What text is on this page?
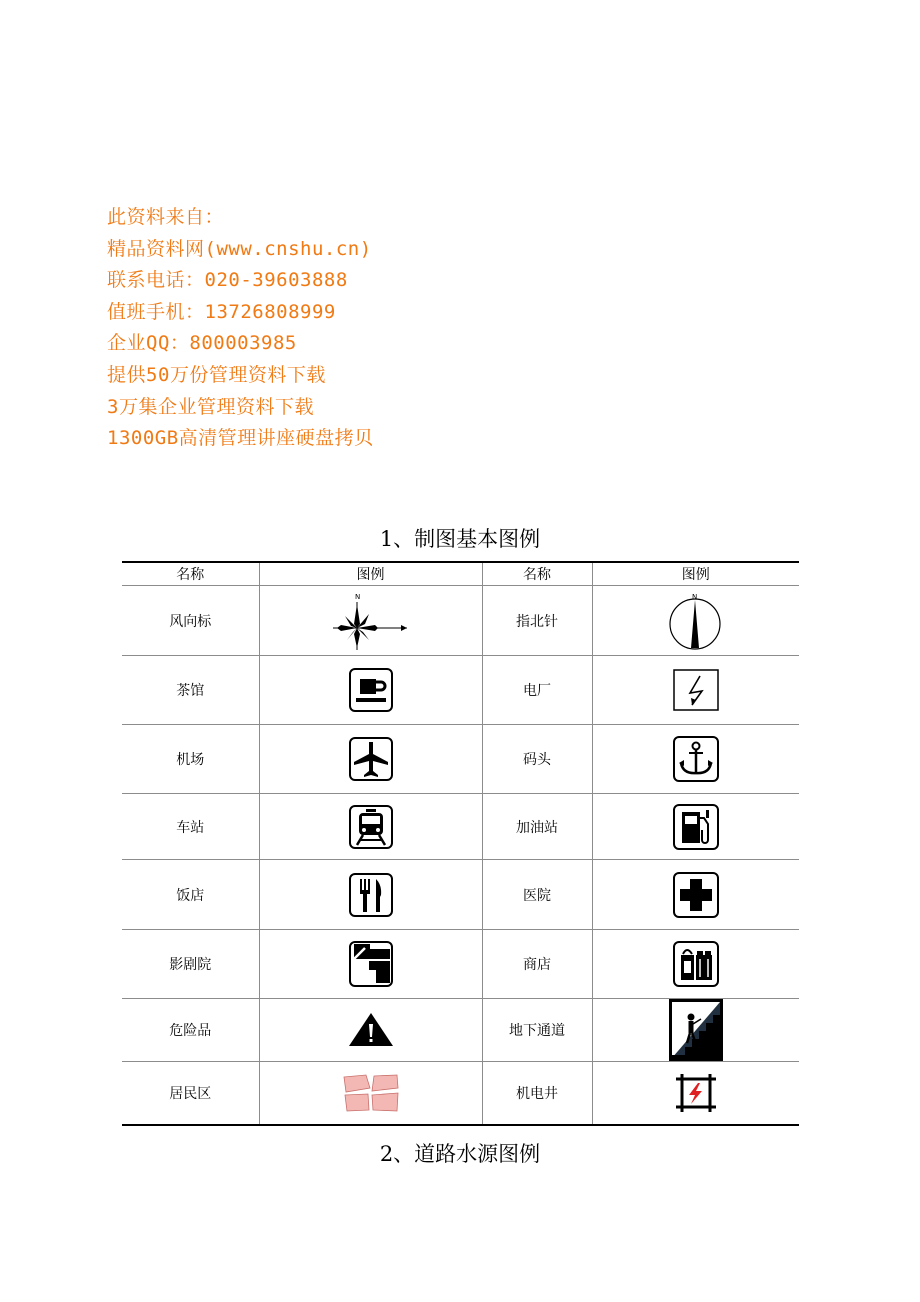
此资料来自：
精品资料网(www.cnshu.cn)
联系电话：020-39603888
值班手机：13726808999
企业QQ：800003985
提供50万份管理资料下载
3万集企业管理资料下载
1300GB高清管理讲座硬盘拷贝
1、制图基本图例
名称	图例	名称	图例
风向标	N	指北针	N

茶馆		电厂	

机场		码头	

车站		加油站	

饭店		医院	

影剧院		商店	

危险品		地下通道	

居民区		机电井	
2、道路水源图例
